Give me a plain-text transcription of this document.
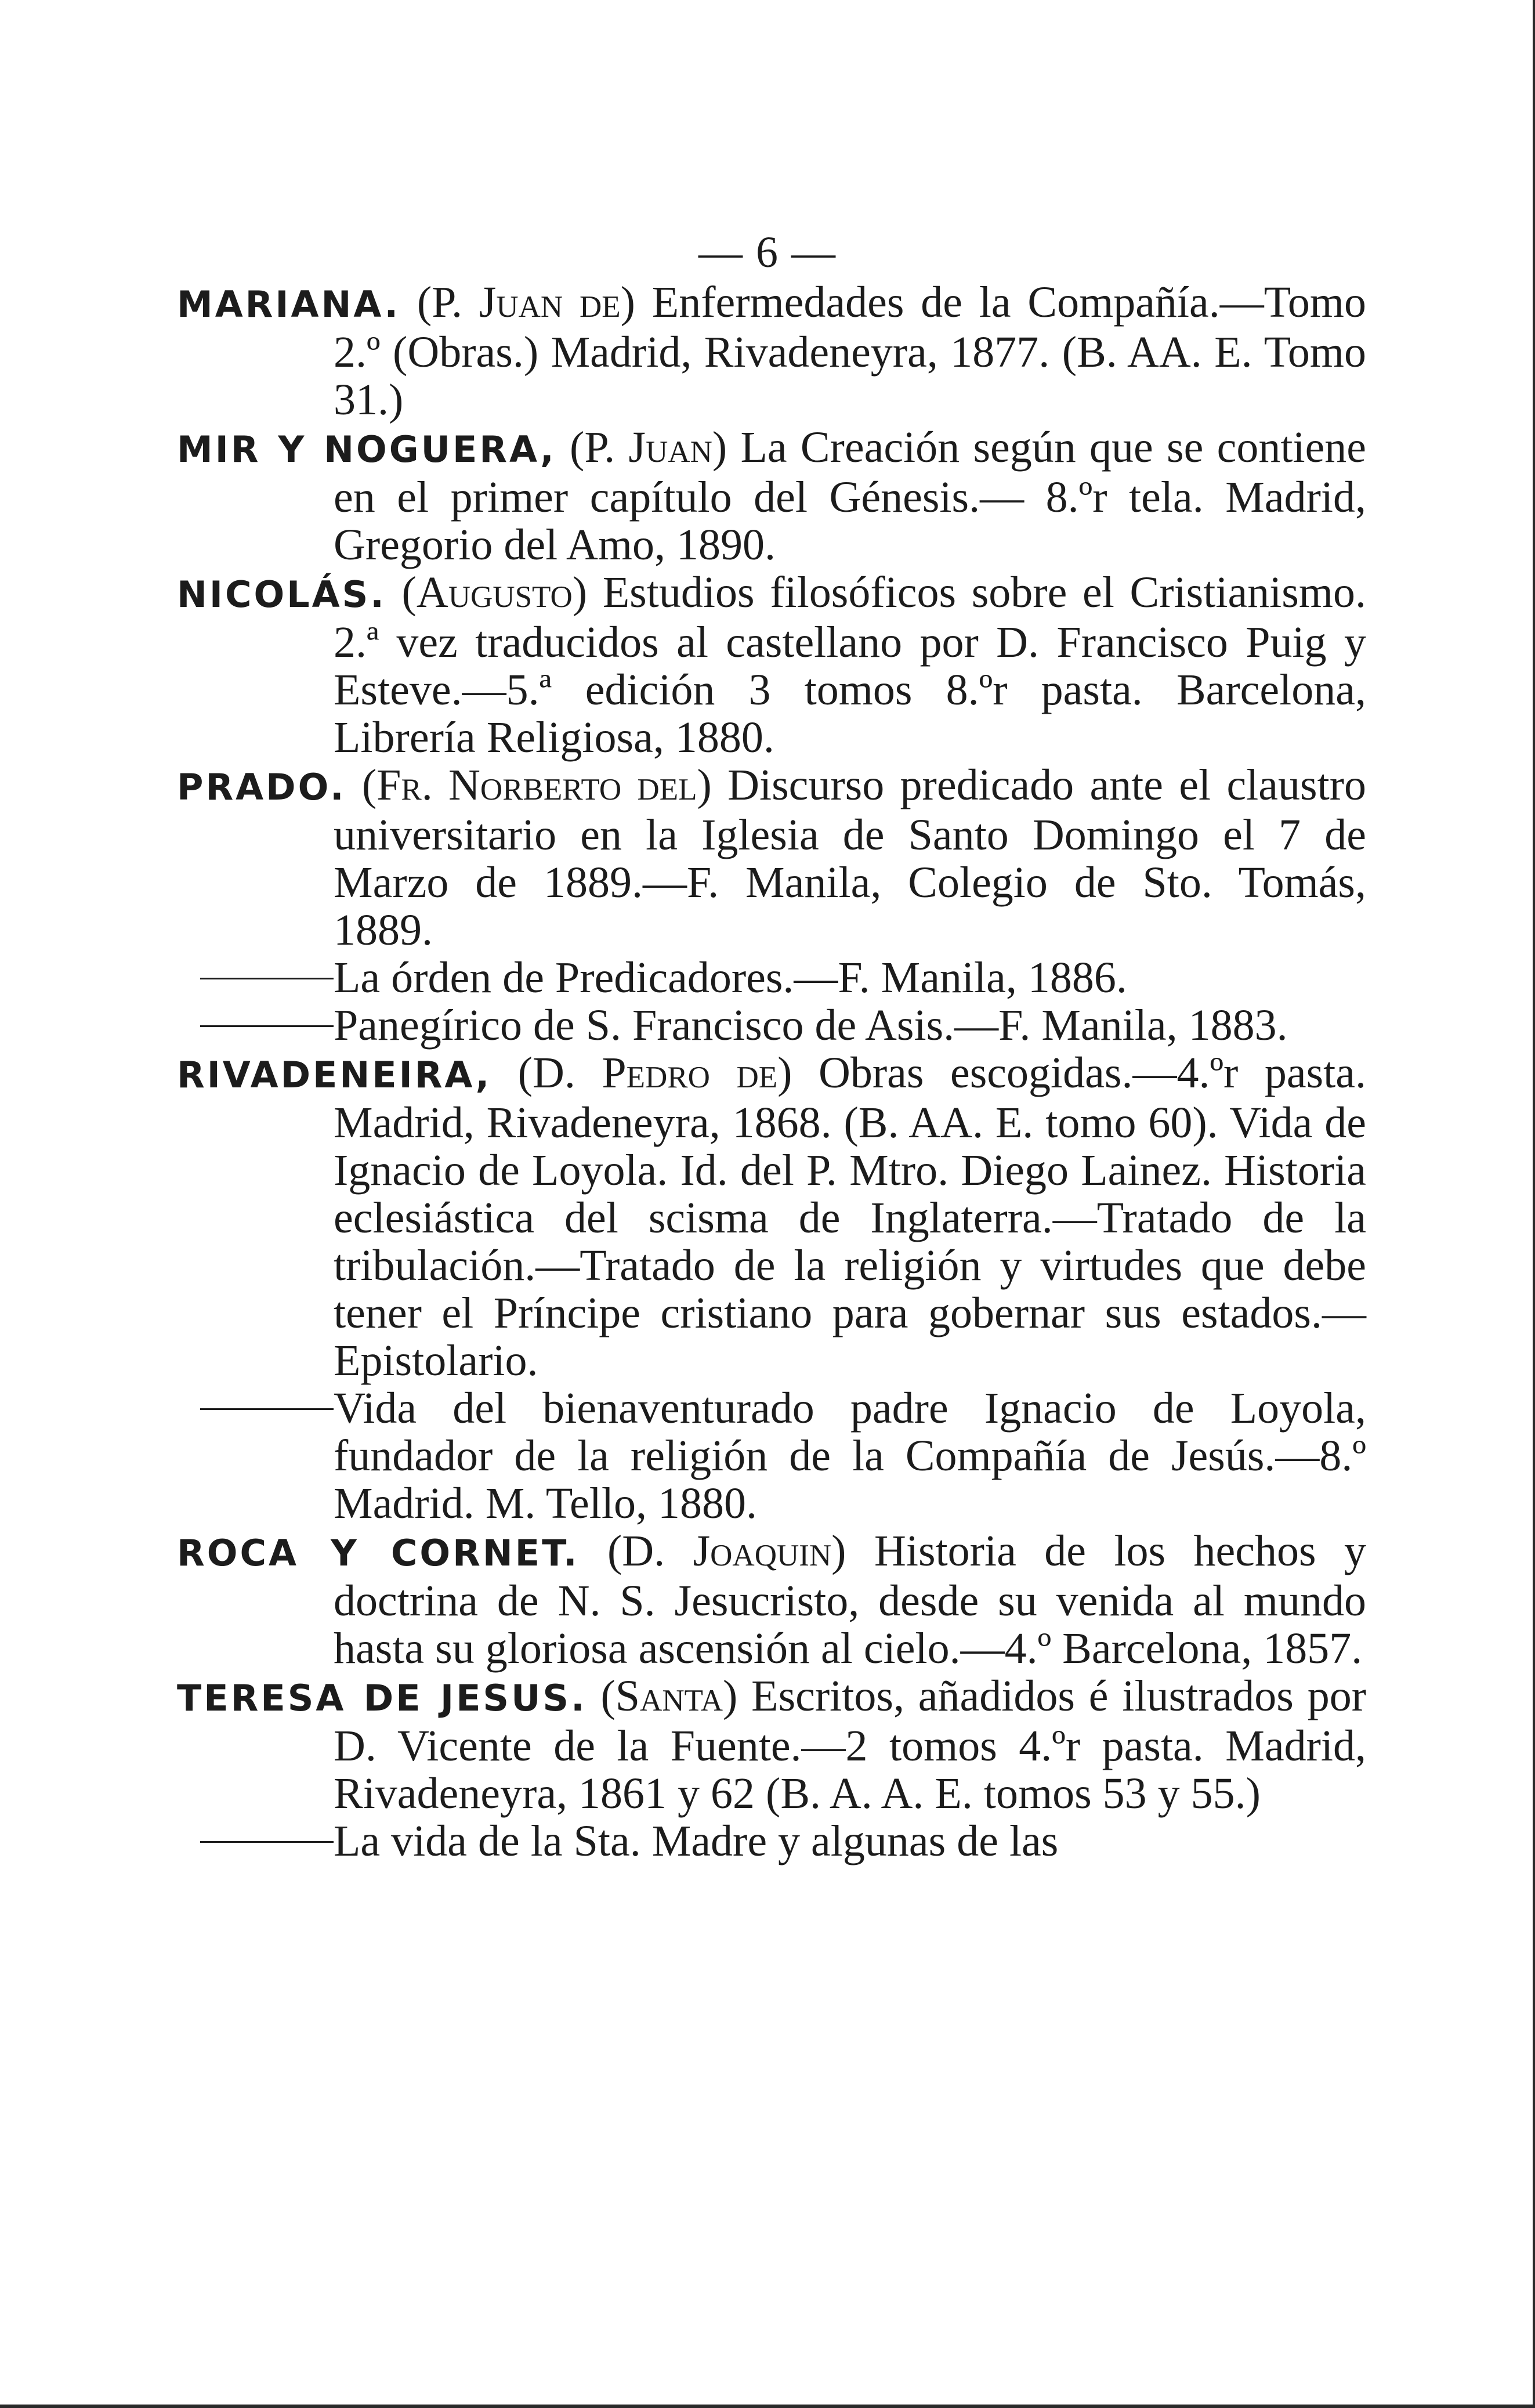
— 6 —

MARIANA. (P. Juan de) Enfermedades de la Compañía.—Tomo 2.º (Obras.) Madrid, Rivadeneyra, 1877. (B. AA. E. Tomo 31.)

MIR Y NOGUERA, (P. Juan) La Creación según que se contiene en el primer capítulo del Génesis.— 8.ºr tela. Madrid, Gregorio del Amo, 1890.

NICOLÁS. (Augusto) Estudios filosóficos sobre el Cristianismo. 2.ª vez traducidos al castellano por D. Francisco Puig y Esteve.—5.ª edición 3 tomos 8.ºr pasta. Barcelona, Librería Religiosa, 1880.

PRADO. (Fr. Norberto del) Discurso predicado ante el claustro universitario en la Iglesia de Santo Domingo el 7 de Marzo de 1889.—F. Manila, Colegio de Sto. Tomás, 1889.

La órden de Predicadores.—F. Manila, 1886.

Panegírico de S. Francisco de Asis.—F. Manila, 1883.

RIVADENEIRA, (D. Pedro de) Obras escogidas.—4.ºr pasta. Madrid, Rivadeneyra, 1868. (B. AA. E. tomo 60). Vida de Ignacio de Loyola. Id. del P. Mtro. Diego Lainez. Historia eclesiástica del scisma de Inglaterra.—Tratado de la tribulación.—Tratado de la religión y virtudes que debe tener el Príncipe cristiano para gobernar sus estados.—Epistolario.

Vida del bienaventurado padre Ignacio de Loyola, fundador de la religión de la Compañía de Jesús.—8.º Madrid. M. Tello, 1880.

ROCA Y CORNET. (D. Joaquin) Historia de los hechos y doctrina de N. S. Jesucristo, desde su venida al mundo hasta su gloriosa ascensión al cielo.—4.º Barcelona, 1857.

TERESA DE JESUS. (Santa) Escritos, añadidos é ilustrados por D. Vicente de la Fuente.—2 tomos 4.ºr pasta. Madrid, Rivadeneyra, 1861 y 62 (B. A. A. E. tomos 53 y 55.)

La vida de la Sta. Madre y algunas de las
